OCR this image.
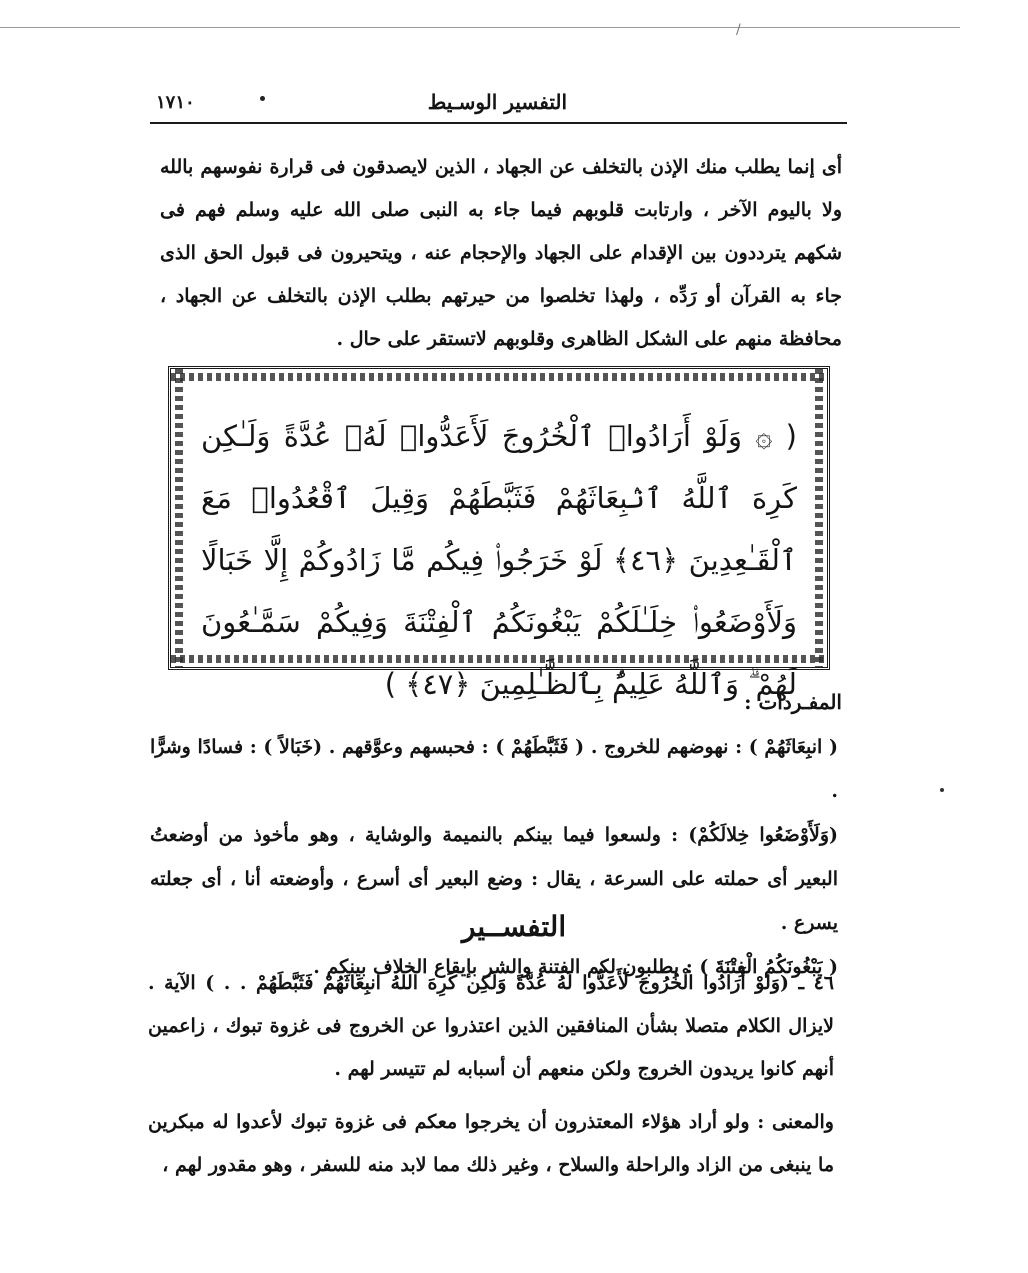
/
التفسير الوسـيط
١٧١٠
أى إنما يطلب منك الإذن بالتخلف عن الجهاد ، الذين لايصدقون فى قرارة نفوسهم بالله ولا باليوم الآخر ، وارتابت قلوبهم فيما جاء به النبى صلى الله عليه وسلم فهم فى شكهم يترددون بين الإقدام على الجهاد والإحجام عنه ، ويتحيرون فى قبول الحق الذى جاء به القرآن أو رَدِّه ، ولهذا تخلصوا من حيرتهم بطلب الإذن بالتخلف عن الجهاد ، محافظة منهم على الشكل الظاهرى وقلوبهم لاتستقر على حال .
( ۞ وَلَوْ أَرَادُوا۟ ٱلْخُرُوجَ لَأَعَدُّوا۟ لَهُۥ عُدَّةً وَلَـٰكِن كَرِهَ ٱللَّهُ ٱنۢبِعَاثَهُمْ فَثَبَّطَهُمْ وَقِيلَ ٱقْعُدُوا۟ مَعَ ٱلْقَـٰعِدِينَ ﴿٤٦﴾ لَوْ خَرَجُوا۟ فِيكُم مَّا زَادُوكُمْ إِلَّا خَبَالًا وَلَأَوْضَعُوا۟ خِلَـٰلَكُمْ يَبْغُونَكُمُ ٱلْفِتْنَةَ وَفِيكُمْ سَمَّـٰعُونَ لَهُمْ ۗ وَٱللَّهُ عَلِيمٌۢ بِٱلظَّـٰلِمِينَ ﴿٤٧﴾ )
المفـردات :

( انبِعَاثَهُمْ ) : نهوضهم للخروج . ( فَثَبَّطَهُمْ ) : فحبسهم وعوَّقهم . (خَبَالاً ) : فسادًا وشرًّا .

(وَلَأَوْضَعُوا خِلالَكُمْ) : ولسعوا فيما بينكم بالنميمة والوشاية ، وهو مأخوذ من أوضعتُ البعير أى حملته على السرعة ، يقال : وضع البعير أى أسرع ، وأوضعته أنا ، أى جعلته يسرع .

( يَبْغُونَكُمُ الْفِتْنَةَ ) : يطلبون لكم الفتنة والشر بإيقاع الخلاف بينكم .

التفســير

٤٦ ـ (وَلَوْ أَرَادُوا الْخُرُوجَ لَأَعَدُّوا لَهُ عُدَّةً وَلَكِن كَرِهَ اللهُ انبِعَاثَهُمْ فَثَبَّطَهُمْ . . ) الآية . لايزال الكلام متصلا بشأن المنافقين الذين اعتذروا عن الخروج فى غزوة تبوك ، زاعمين أنهم كانوا يريدون الخروج ولكن منعهم أن أسبابه لم تتيسر لهم .

والمعنى : ولو أراد هؤلاء المعتذرون أن يخرجوا معكم فى غزوة تبوك لأعدوا له مبكرين ما ينبغى من الزاد والراحلة والسلاح ، وغير ذلك مما لابد منه للسفر ، وهو مقدور لهم ،
